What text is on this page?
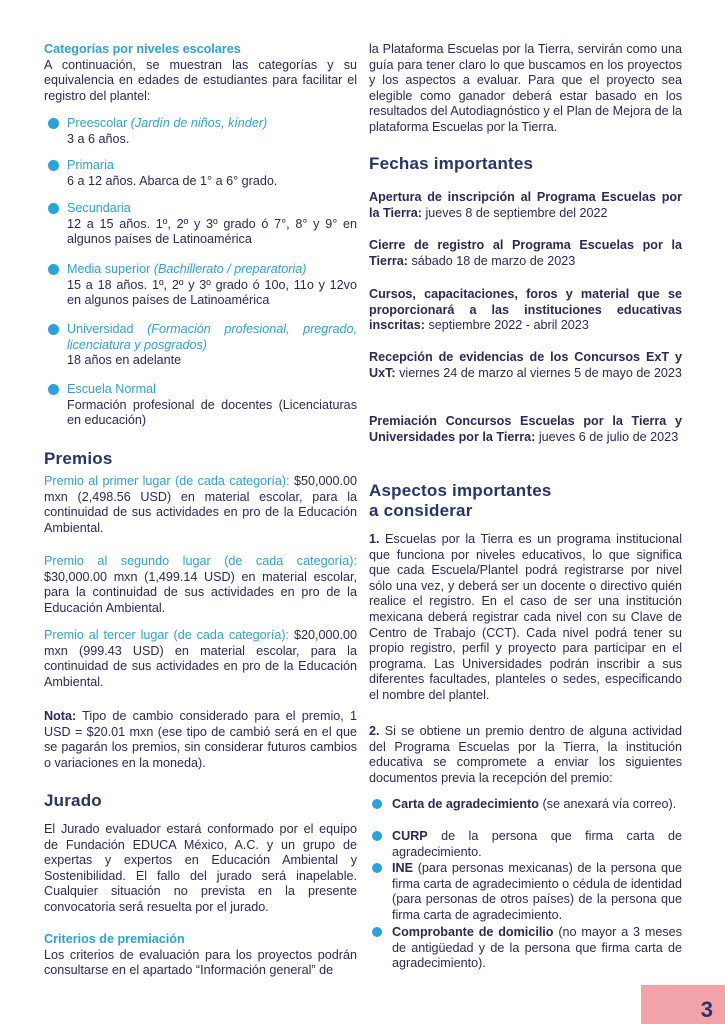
Categorías por niveles escolares

A continuación, se muestran las categorías y su equivalencia en edades de estudiantes para facilitar el registro del plantel:

Preescolar (Jardín de niños, kínder)
3 a 6 años.
Primaria
6 a 12 años. Abarca de 1° a 6° grado.
Secundaria

12 a 15 años. 1º, 2º y 3º grado ó 7°, 8° y 9° en algunos países de Latinoamérica

Media superior (Bachillerato / preparatoria)

15 a 18 años. 1º, 2º y 3º grado ó 10o, 11o y 12vo en algunos países de Latinoamérica

Universidad (Formación profesional, pregrado, licenciatura y posgrados)

18 años en adelante
Escuela Normal

Formación profesional de docentes (Licenciaturas en educación)

Premios

Premio al primer lugar (de cada categoría): $50,000.00 mxn (2,498.56 USD) en material escolar, para la continuidad de sus actividades en pro de la Educación Ambiental.

Premio al segundo lugar (de cada categoría): $30,000.00 mxn (1,499.14 USD) en material escolar, para la continuidad de sus actividades en pro de la Educación Ambiental.

Premio al tercer lugar (de cada categoría): $20,000.00 mxn (999.43 USD) en material escolar, para la continuidad de sus actividades en pro de la Educación Ambiental.

Nota: Tipo de cambio considerado para el premio, 1 USD = $20.01 mxn (ese tipo de cambió será en el que se pagarán los premios, sin considerar futuros cambios o variaciones en la moneda).

Jurado

El Jurado evaluador estará conformado por el equipo de Fundación EDUCA México, A.C. y un grupo de expertas y expertos en Educación Ambiental y Sostenibilidad. El fallo del jurado será inapelable. Cualquier situación no prevista en la presente convocatoria será resuelta por el jurado.

Criterios de premiación

Los criterios de evaluación para los proyectos podrán consultarse en el apartado “Información general” de

la Plataforma Escuelas por la Tierra, servirán como una guía para tener claro lo que buscamos en los proyectos y los aspectos a evaluar. Para que el proyecto sea elegible como ganador deberá estar basado en los resultados del Autodiagnóstico y el Plan de Mejora de la plataforma Escuelas por la Tierra.

Fechas importantes

Apertura de inscripción al Programa Escuelas por la Tierra: jueves 8 de septiembre del 2022

Cierre de registro al Programa Escuelas por la Tierra: sábado 18 de marzo de 2023

Cursos, capacitaciones, foros y material que se proporcionará a las instituciones educativas inscritas: septiembre 2022 - abril 2023

Recepción de evidencias de los Concursos ExT y UxT: viernes 24 de marzo al viernes 5 de mayo de 2023

Premiación Concursos Escuelas por la Tierra y Universidades por la Tierra: jueves 6 de julio de 2023

Aspectos importantes
a considerar

1. Escuelas por la Tierra es un programa institucional que funciona por niveles educativos, lo que significa que cada Escuela/Plantel podrá registrarse por nivel sólo una vez, y deberá ser un docente o directivo quién realice el registro. En el caso de ser una institución mexicana deberá registrar cada nivel con su Clave de Centro de Trabajo (CCT). Cada nivel podrá tener su propio registro, perfil y proyecto para participar en el programa. Las Universidades podrán inscribir a sus diferentes facultades, planteles o sedes, especificando el nombre del plantel.

2. Si se obtiene un premio dentro de alguna actividad del Programa Escuelas por la Tierra, la institución educativa se compromete a enviar los siguientes documentos previa la recepción del premio:

Carta de agradecimiento (se anexará vía correo).

CURP de la persona que firma carta de agradecimiento.

INE (para personas mexicanas) de la persona que firma carta de agradecimiento o cédula de identidad (para personas de otros países) de la persona que firma carta de agradecimiento.

Comprobante de domicilio (no mayor a 3 meses de antigüedad y de la persona que firma carta de agradecimiento).

3
